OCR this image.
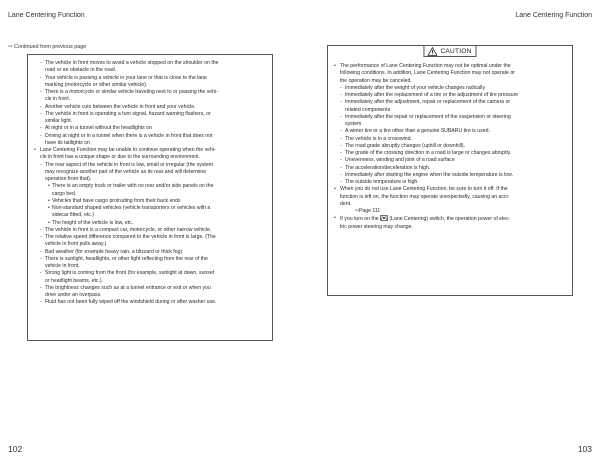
Lane Centering Function
⇨ Continued from previous page
- The vehicle in front moves to avoid a vehicle stopped on the shoulder on the
road or an obstacle in the road.
- Your vehicle is passing a vehicle in your lane or that is close to the lane
marking (motorcycle or other similar vehicle).
- There is a motorcycle or similar vehicle traveling next to or passing the vehi-
cle in front.
- Another vehicle cuts between the vehicle in front and your vehicle.
- The vehicle in front is operating a turn signal, hazard warning flashers, or
similar light.
- At night or in a tunnel without the headlights on
- Driving at night or in a tunnel when there is a vehicle in front that does not
have its taillights on
• Lane Centering Function may be unable to continue operating when the vehi-
cle in front has a unique shape or due to the surrounding environment.
- The rear aspect of the vehicle in front is low, small or irregular (the system
may recognize another part of the vehicle as its rear and will determine
operation from that).
• There is an empty truck or trailer with no rear and/or side panels on the
cargo bed.
• Vehicles that have cargo protruding from their back ends
• Non-standard shaped vehicles (vehicle transporters or vehicles with a
sidecar fitted, etc.)
• The height of the vehicle is low, etc.
- The vehicle in front is a compact car, motorcycle, or other narrow vehicle.
- The relative speed difference compared to the vehicle in front is large. (The
vehicle in front pulls away.)
- Bad weather (for example heavy rain, a blizzard or thick fog)
- There is sunlight, headlights, or other light reflecting from the rear of the
vehicle in front.
- Strong light is coming from the front (for example, sunlight at dawn, sunset
or headlight beams, etc.).
- The brightness changes such as at a tunnel entrance or exit or when you
drive under an overpass.
- Fluid has not been fully wiped off the windshield during or after washer use.
102
Lane Centering Function
CAUTION
• The performance of Lane Centering Function may not be optimal under the
following conditions. In addition, Lane Centering Function may not operate or
the operation may be canceled.
- Immediately after the weight of your vehicle changes radically
- Immediately after the replacement of a tire or the adjustment of tire pressure
- Immediately after the adjustment, repair or replacement of the camera or
related components
- Immediately after the repair or replacement of the suspension or steering
system
- A winter tire or a tire other than a genuine SUBARU tire is used.
- The vehicle is in a crosswind.
- The road grade abruptly changes (uphill or downhill).
- The grade of the crossing direction in a road is large or changes abruptly.
- Unevenness, winding and joint of a road surface
- The acceleration/deceleration is high.
- Immediately after starting the engine when the outside temperature is low.
- The outside temperature is high.
• When you do not use Lane Centering Function, be sure to turn it off. If the
function is left on, the function may operate unexpectedly, causing an acci-
dent.
⇨ Page 111
• If you turn on the  (Lane Centering) switch, the operation power of elec-
tric power steering may change.
103
